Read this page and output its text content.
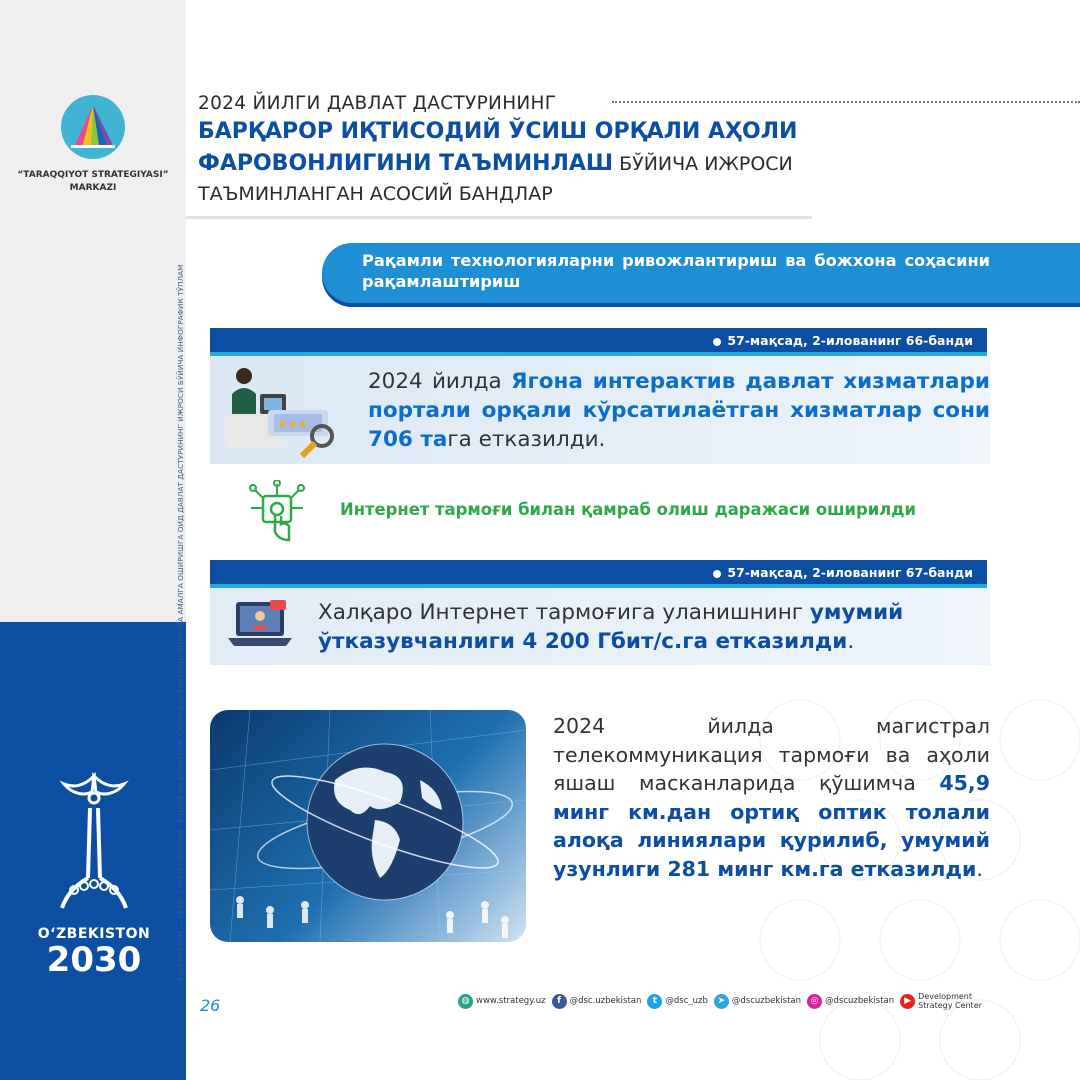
“TARAQQIYOT STRATEGIYASI”
MARKAZI
O‘ZBEKISTON
2030	“ЎЗБЕКИСТОН — 2030” СТРАТЕГИЯСИНИ “ЁШЛАР ВА БИЗНЕСНИ ҚЎЛЛАБ-ҚУВВАТЛАШ ЙИЛИ”ДА АМАЛГА ОШИРИШГА ОИД ДАВЛАТ ДАСТУРИНИНГ ИЖРОСИ БЎЙИЧА ИНФОГРАФИК ТЎПЛАМ
2024 ЙИЛГИ ДАВЛАТ ДАСТУРИНИНГ
БАРҚАРОР ИҚТИСОДИЙ ЎСИШ ОРҚАЛИ АҲОЛИ
ФАРОВОНЛИГИНИ ТАЪМИНЛАШ БЎЙИЧА ИЖРОСИ
ТАЪМИНЛАНГАН АСОСИЙ БАНДЛАР
Рақамли технологияларни ривожлантириш ва божхона соҳасини рақамлаштириш
57-мақсад, 2-илованинг 66-банди
★★★
2024 йилда Ягона интерактив давлат хизматлари портали орқали кўрсатилаётган хизматлар сони 706 тага етказилди.
Интернет тармоғи билан қамраб олиш даражаси оширилди
57-мақсад, 2-илованинг 67-банди
Халқаро Интернет тармоғига уланишнинг умумий ўтказувчанлиги 4 200 Гбит/с.га етказилди.
2024 йилда магистрал телекоммуникация тармоғи ва аҳоли яшаш масканларида қўшимча 45,9 минг км.дан ортиқ оптик толали алоқа линиялари қурилиб, умумий узунлиги 281 минг км.га етказилди.
26	◍ www.strategy.uz	f	@dsc.uzbekistan	t @dsc_uzb	➤ @dscuzbekistan	◎ @dscuzbekistan	▶ Development
Strategy Center
